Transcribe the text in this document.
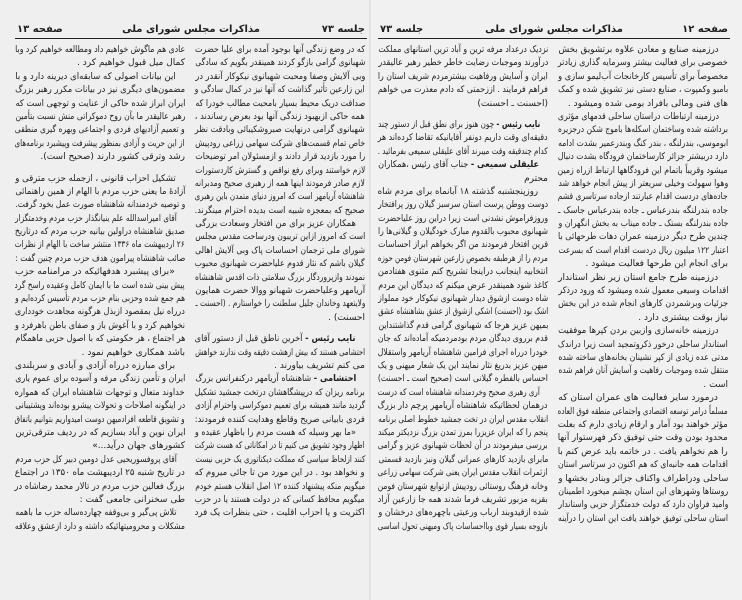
جلسه ۷۳
مذاکرات مجلس شورای ملی
صفحه ۱۳
که در وضع زندگی آنها بوجود آمده برای علیا حضرت
شهبانوی گرامی بازگو کردند همینقدر بگویم که سادگی
وبی آلایش وصفا ومحبت شهبانوی نیکوکار آنقدر در
این زارعین تأثیر گذاشت که آنها نیز در کمال سادگی و
صداقت دریک محیط بسیار بامحبت مطالب خودرا که
همه حاکی ازبهبود زندگی آنها بود بعرض رساندند ،
شهبانوی گرامی درنهایت صبروشکیبائی وبادقت نظر
خاص تمام قسمت‌های شرکت سهامی زراعی رودپیش
را مورد بازدید قرار دادند و ازمسئولان امر توضیحات
لازم خواستند وبرای رفع نواقص و گسترش کاردستورات
لازم صادر فرمودند اینها همه از رهبری صحیح ومدبرانه
شاهنشاه آریامهر است که امروز دنیای متمدن باین رهبری
صحیح که بمعجزه شبیه است بدیده احترام مینگرند.
همکاران عزیز برای من افتخار وسعادت بزرگی
است که امروز ازاین تریبون ودرساحت مقدس مجلس
شورای ملی ترجمان احساسات پاک وبی آلایش اهالی
گیلان باشم که نثار قدوم علیاحضرت شهبانوی محبوب
نمودند وازپروردگار بزرگ سلامتی ذات اقدس شاهنشاه
آریامهر وعلیاحضرت شهبانو ووالا حضرت همایون
ولایتعهد وخاندان جلیل سلطنت را خواستارم . (احسنت ـ
احسنت) .
نایب رئیس - آخرین ناطق قبل از دستور آقای
احتشامی هستند که بیش ازهشت دقیقه وقت ندارند خواهش
می کنم تشریف بیاورند .
احتشامی - شاهنشاه آریامهر درکنفرانس بزرگ
برنامه ریزان که درپیشگاهشان درتخت جمشید تشکیل
گردید مانند همیشه برای تعمیم دموکراسی واحترام آزادی
فردی بابیانی صریح وقاطع وهدایت کننده فرمودند:
«ما بهر وسیله که هست مردم را باظهار عقیده و
اظهار وجود تشویق می کنیم تا در امکاناتی که هست شرکت
کنند ازلحاظ سیاسی که مملکت دیکتاتوری یک حزبی نیست
و نخواهد بود . در این مورد من تا جائی میروم که
میگویم منکه پیشنهاد کننده ۱۲ اصل انقلاب هستم خودم
میگویم محافظ کسانی که در دولت هستند یا در حزب
اکثریت و یا احزاب اقلیت ، حتی بنظرات یک فرد
عادی هم ماگوش خواهیم داد ومطالعه خواهیم کرد وبا
کمال میل قبول خواهیم کرد .
این بیانات اصولی که سابقه‌ای دیرینه دارد و با
مضمون‌های دیگری نیز در بیانات مکرر رهبر بزرگ
ایران ابراز شده حاکی از عنایت و توجهی است که
رهبر عالیقدر ما بآن روح دموکراتی منش نسبت بتأمین
و تعمیم آزادیهای فردی و اجتماعی وبهره گیری منطقی
از این حریت و آزادی بمنظور پیشرفت وپیشبرد برنامه‌های
رشد وترقی کشور دارند (صحیح است).
تشکیل احزاب قانونی ، ازجمله حزب مترقی و
آزادهٔ ما یعنی حزب مردم با الهام از همین راهنمائی
و توصیه خردمندانه شاهنشاه صورت عمل بخود گرفت.
آقای امیراسدالله علم بنیانگذار حزب مردم وخدمتگزار
صدیق شاهنشاه دراولین بیانیه حزب مردم که درتاریخ
۲۶ اردیبهشت ماه ۱۳۳۶ منتشر ساخت با الهام از نظرات
صائب شاهنشاه پیرامون هدف حزب مردم چنین گفت :
«برای پیشبرد هدفهائیکه در مرامنامه حزب
پیش بینی شده است ما با ایمان کامل وعقیده راسخ گرد
هم جمع شده وحزبی بنام حزب مردم تأسیس کرده‌ایم و
درراه نیل بمقصود ازبذل هرگونه مجاهدت خودداری
نخواهیم کرد و با آغوش باز و صفای باطن باهرفرد و
هر اجتماع ، هر حکومتی که با اصول حزبی ماهمگام
باشد همکاری خواهیم نمود .
برای مبارزه درراه آزادی و آبادی و سربلندی
ایران و تأمین زندگی مرفه و آسوده برای عموم یاری
خداوند متعال و توجهات شاهنشاه ایران که همواره
در اینگونه اصلاحات و تحولات پیشرو بوده‌اند وپشتیبانی
و تشویق قاطعه افرادمیهن دوست امیدواریم بتوانیم باتفاق
ایران نوین و آباد بسازیم که در ردیف مترقی‌ترین
کشورهای جهان درآید...»
آقای پروفسوریحیی عدل دومین دبیر کل حزب مردم
در تاریخ شنبه ۲۵ اردیبهشت ماه ۱۳۵۰ در اجتماع
بزرگ فعالین حزب مردم در تالار محمد رضاشاه در
طی سخنرانی جامعی گفت :
تلاش پی‌گیر و بی‌وقفه چهارده‌ساله حزب ما باهمه
مشکلات و محرومیتهائیکه داشته و دارد ازعشق وعلاقه
صفحه ۱۲
مذاکرات مجلس شورای ملی
جلسه ۷۳
درزمینه صنایع و معادن علاوه برتشویق بخش
خصوصی برای فعالیت بیشتر وسرمایه گذاری زیادتر
مخصوصاً برای تأسیس کارخانجات آب‌لیمو سازی و
بامبو وکمپوت ، صنایع دستی نیز تشویق شده و کمک
های فنی ومالی بافراد بومی شده ومیشود .
درزمینه ارتباطات دراستان ساحلی قدمهای مؤثری
برداشته شده وساختمان اسکله‌ها باموج شکن درجزیره
ابوموسی، بندرلنگه ، بندر کنگ وبندرعمیر بشدت ادامه
دارد دربیشتر جزائر کارساختمان فرودگاه بشدت دنبال
میشود وقریباً باتمام این فرودگاهها ارتباط ازراه زمین
وهوا سهولت وخیلی سریعتر از پیش انجام خواهد شد
جاده‌های دردست اقدام عبارتند ازجاده سرتاسری قشم
جاده بندرلنگه بندرعباس ـ جاده بندرعباس جاسک ـ
جاده بندرلنگه بستک ـ جاده میناب به بخش انگهران و
چندین طرح دیگر درزمینه عمران دهات طرحهائی با
اعتبار ۱۲۲ میلیون ریال دردست اقدام است که بسرعت
برای انجام این طرحها فعالیت میشود .
درزمینه طرح جامع استان زیر نظر استاندار
اقدامات وسیعی معمول شده ومیشود که ورود درذکر
جزئیات وبرشمردن کارهای انجام شده در این بخش
نیاز بوقت بیشتری دارد .
درزمینه خانه‌سازی وازبین بردن کپرها موفقیت
استاندار ساحلی درخور ذکروتمجید است زیرا دراندک
مدتی عده زیادی از کپر نشینان بخانه‌های ساخته شده
منتقل شده وموجبات رفاهیت و آسایش آنان فراهم شده
است .
درمورد سایر فعالیت های عمران استان که
مسلماً درامر توسعه اقتصادی واجتماعی منطقه فوق العاده
مؤثر خواهند بود آمار و ارقام زیادی دارم که بعلت
محدود بودن وقت حتی توفیق ذکر فهرستوار آنها
را هم نخواهم یافت . در خاتمه باید عرض کنم با
اقدامات همه جانبه‌ای که هم اکنون در سرتاسر استان
ساحلی ودراطراف واکناف جزائر وبنادر بخشها و
روستاها وشهرهای این استان بچشم میخورد اطمینان
وامید فراوان دارد که دولت خدمتگزار حزبی واستاندار
استان ساحلی توفیق خواهند یافت این استان را درآینه
نزدیک درعداد مرفه ترین و آباد ترین استانهای مملکت
درآورند وموجبات رضایت خاطر خطیر رهبر عالیقدر
ایران و آسایش ورفاهیت بیشترمردم شریف استان را
فراهم فرمایند . اززحمتی که دادم معذرت می خواهم
(احسنت ـ احسنت)
نایب رئیس - چون هنوز برای نطق قبل از دستور چند
دقیقه‌ای وقت داریم دونفر آقایانیکه تقاضا کرده‌اند هر
کدام چندقیقه وقت میبرند آقای علیقلی سمیعی بفرمائید .
علیقلی سمیعی - جناب آقای رئیس ،همکاران
محترم
روزپنجشنبه گذشته ۱۸ آبانماه برای مردم شاه
دوست ووطن پرست استان سرسبز گیلان روز پرافتخار
وروزفراموش نشدنی است زیرا دراین روز علیاحضرت
شهبانوی محبوب بالقدوم مبارک خودگیلان و گیلانی‌ها را
قرین افتخار فرمودند من اگر بخواهم ابراز احساسات
مردم را از هرطبقه بخصوص زارعین شهرستان فومن حوزه
انتخابیه اینجانب دراینجا تشریح کنم مثنوی هفتادمن
کاغذ شود همینقدر عرض میکنم که دیدگان این مردم
شاه دوست ازشوق دیدار شهبانوی نیکوکار خود مملواز
اشک بود (احسنت) اشکی ازشوق از عشق بشاهنشاه عشق
بمیهن عزیز هرجا که شهبانوی گرامی قدم گذاشتنداین
قدم برروی دیدگان مردم بودمردمیکه آماده‌اند که جان
خودرا درراه اجرای فرامین شاهنشاه آریامهر واستقلال
میهن عزیز بدریغ نثار نمایند این یک شعار میهنی و یک
احساس بالفطره گیلانی است (صحیح است ـ احسنت)
آری رهبری صحیح وخردمندانه شاهنشاه است که درست
درهمان لحظاتیکه شاهنشاه آریامهر پرچم دار بزرگ
انقلاب مقدس ایران در تخت جمشید خطوط اصلی برنامه
پنجم را که ایران عزیزرا بمرز تمدن بزرگ نزدیکتر میکند
بررسی میفرمودند در آن لحظات شهبانوی عزیز و گرامی
مابرای بازدید کارهای عمرانی گیلان ونیز بازدید قسمتی
ازثمرات انقلاب مقدس ایران یعنی شرکت سهامی زراعی
وخانه فرهنگ روستائی رودپیش ازتوابع شهرستان فومن
بقریه مزبور تشریف فرما شدند همه جا زارعین آزاد
شده ازقیدوبند ارباب ورعیتی باچهره‌های درخشان و
بازوجه بسیار قوی وبااحساسات پاک ومیهنی تحول اساسی
